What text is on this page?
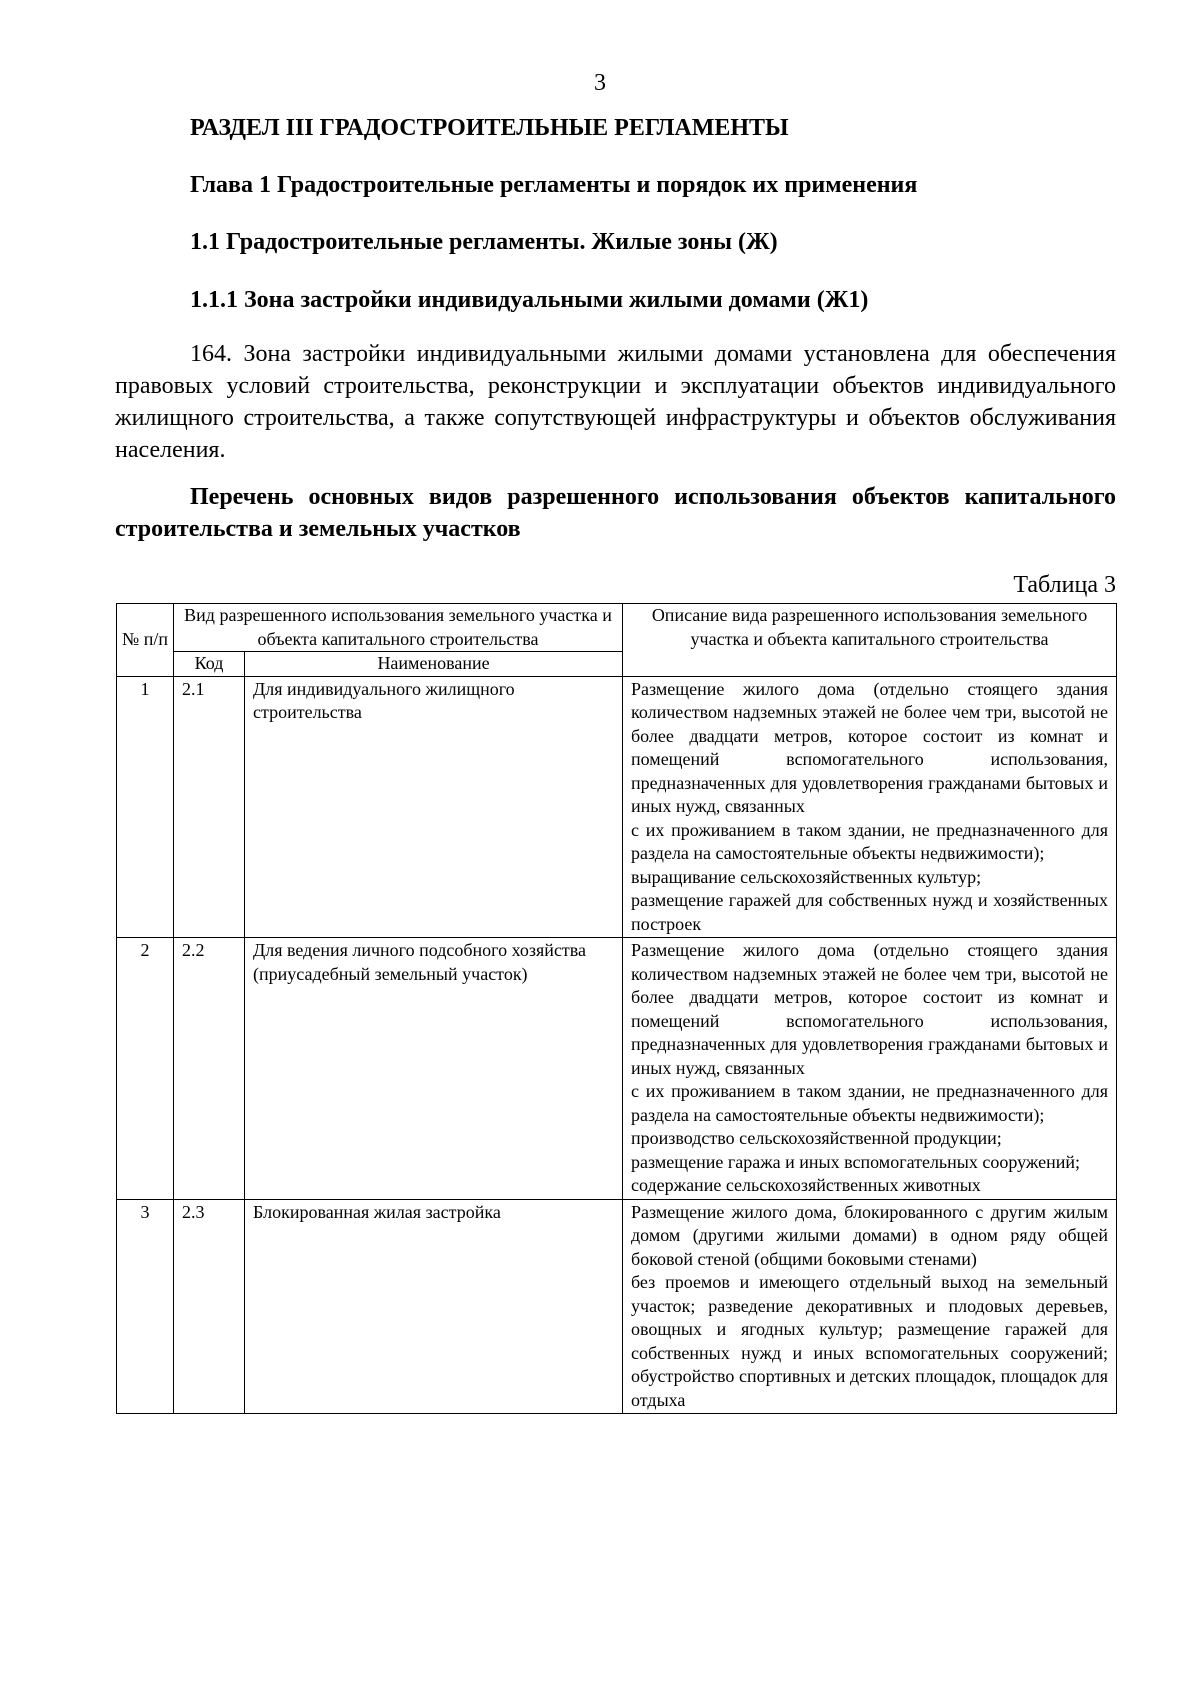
3
РАЗДЕЛ III ГРАДОСТРОИТЕЛЬНЫЕ РЕГЛАМЕНТЫ
Глава 1 Градостроительные регламенты и порядок их применения
1.1 Градостроительные регламенты. Жилые зоны (Ж)
1.1.1 Зона застройки индивидуальными жилыми домами (Ж1)
164. Зона застройки индивидуальными жилыми домами установлена для обеспечения правовых условий строительства, реконструкции и эксплуатации объектов индивидуального жилищного строительства, а также сопутствующей инфраструктуры и объектов обслуживания населения.
Перечень основных видов разрешенного использования объектов капитального строительства и земельных участков
Таблица 3
№ п/п	Вид разрешенного использования земельного участка и объекта капитального строительства		Описание вида разрешенного использования земельного участка и объекта капитального строительства
	Код	Наименование	
1	2.1	Для индивидуального жилищного строительства	Размещение жилого дома (отдельно стоящего здания количеством надземных этажей не более чем три, высотой не более двадцати метров, которое состоит из комнат и помещений вспомогательного использования, предназначенных для удовлетворения гражданами бытовых и иных нужд, связанных
с их проживанием в таком здании, не предназначенного для раздела на самостоятельные объекты недвижимости);
выращивание сельскохозяйственных культур;
размещение гаражей для собственных нужд и хозяйственных построек

2	2.2	Для ведения личного подсобного хозяйства (приусадебный земельный участок)	Размещение жилого дома (отдельно стоящего здания количеством надземных этажей не более чем три, высотой не более двадцати метров, которое состоит из комнат и помещений вспомогательного использования, предназначенных для удовлетворения гражданами бытовых и иных нужд, связанных
с их проживанием в таком здании, не предназначенного для раздела на самостоятельные объекты недвижимости);
производство сельскохозяйственной продукции;
размещение гаража и иных вспомогательных сооружений;
содержание сельскохозяйственных животных

3	2.3	Блокированная жилая застройка	Размещение жилого дома, блокированного с другим жилым домом (другими жилыми домами) в одном ряду общей боковой стеной (общими боковыми стенами)
без проемов и имеющего отдельный выход на земельный участок; разведение декоративных и плодовых деревьев, овощных и ягодных культур; размещение гаражей для собственных нужд и иных вспомогательных сооружений; обустройство спортивных и детских площадок, площадок для отдыха
